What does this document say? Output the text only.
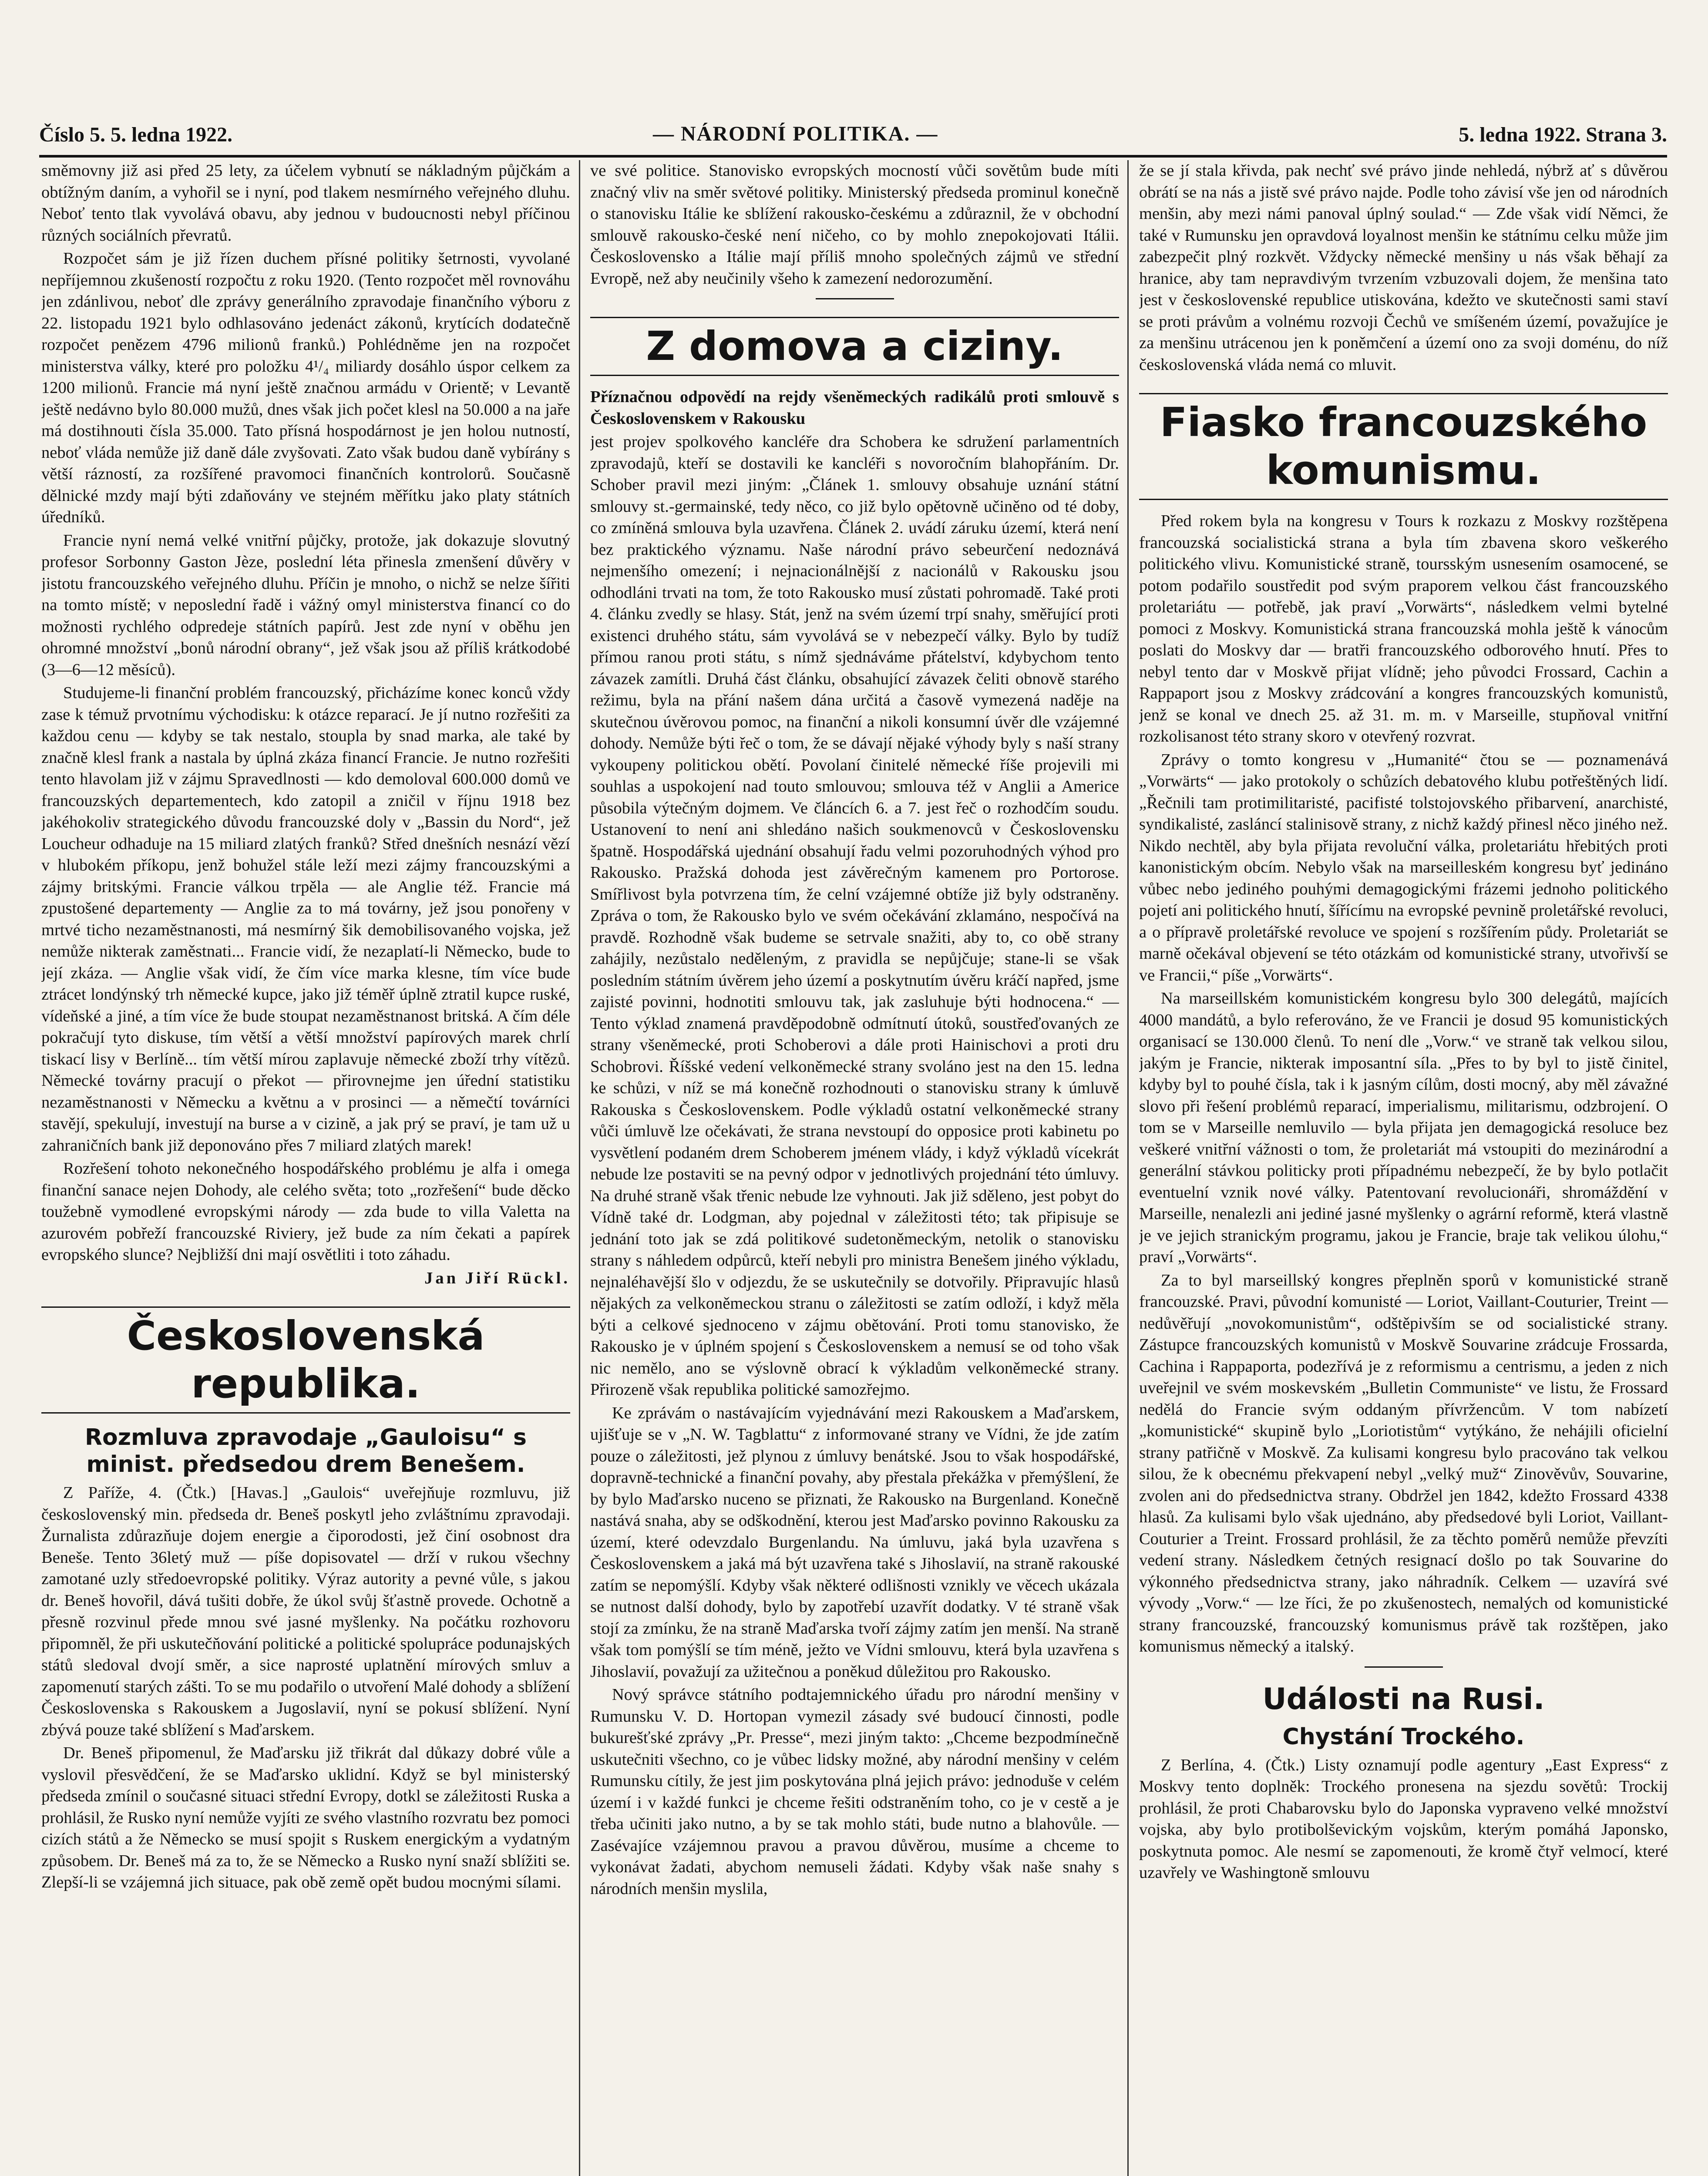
Číslo 5. 5. ledna 1922.	— NÁRODNÍ POLITIKA. —	5. ledna 1922. Strana 3.

směmovny již asi před 25 lety, za účelem vybnutí se nákladným půjčkám a obtížným daním, a vyhořil se i nyní, pod tlakem nesmírného veřejného dluhu. Neboť tento tlak vyvolává obavu, aby jednou v budoucnosti nebyl příčinou různých sociálních převratů.

Rozpočet sám je již řízen duchem přísné politiky šetrnosti, vyvolané nepříjemnou zkušeností rozpočtu z roku 1920. (Tento rozpočet měl rovnováhu jen zdánlivou, neboť dle zprávy generálního zpravodaje finančního výboru z 22. listopadu 1921 bylo odhlasováno jedenáct zákonů, krytících dodatečně rozpočet penězem 4796 milionů franků.) Pohlédněme jen na rozpočet ministerstva války, které pro položku 4¹/₄ miliardy dosáhlo úspor celkem za 1200 milionů. Francie má nyní ještě značnou armádu v Orientě; v Levantě ještě nedávno bylo 80.000 mužů, dnes však jich počet klesl na 50.000 a na jaře má dostihnouti čísla 35.000. Tato přísná hospodárnost je jen holou nutností, neboť vláda nemůže již daně dále zvyšovati. Zato však budou daně vybírány s větší rázností, za rozšířené pravomoci finančních kontrolorů. Současně dělnické mzdy mají býti zdaňovány ve stejném měřítku jako platy státních úředníků.

Francie nyní nemá velké vnitřní půjčky, protože, jak dokazuje slovutný profesor Sorbonny Gaston Jèze, poslední léta přinesla zmenšení důvěry v jistotu francouzského veřejného dluhu. Příčin je mnoho, o nichž se nelze šířiti na tomto místě; v neposlední řadě i vážný omyl ministerstva financí co do možnosti rychlého odpredeje státních papírů. Jest zde nyní v oběhu jen ohromné množství „bonů národní obrany“, jež však jsou až příliš krátkodobé (3—6—12 měsíců).

Studujeme-li finanční problém francouzský, přicházíme konec konců vždy zase k témuž prvotnímu východisku: k otázce reparací. Je jí nutno rozřešiti za každou cenu — kdyby se tak nestalo, stoupla by snad marka, ale také by značně klesl frank a nastala by úplná zkáza financí Francie. Je nutno rozřešiti tento hlavolam již v zájmu Spravedlnosti — kdo demoloval 600.000 domů ve francouzských departementech, kdo zatopil a zničil v říjnu 1918 bez jakéhokoliv strategického důvodu francouzské doly v „Bassin du Nord“, jež Loucheur odhaduje na 15 miliard zlatých franků? Střed dnešních nesnází vězí v hlubokém příkopu, jenž bohužel stále leží mezi zájmy francouzskými a zájmy britskými. Francie válkou trpěla — ale Anglie též. Francie má zpustošené departementy — Anglie za to má továrny, jež jsou ponořeny v mrtvé ticho nezaměstnanosti, má nesmírný šik demobilisovaného vojska, jež nemůže nikterak zaměstnati... Francie vidí, že nezaplatí-li Německo, bude to její zkáza. — Anglie však vidí, že čím více marka klesne, tím více bude ztrácet londýnský trh německé kupce, jako již téměř úplně ztratil kupce ruské, vídeňské a jiné, a tím více že bude stoupat nezaměstnanost britská. A čím déle pokračují tyto diskuse, tím větší a větší množství papírových marek chrlí tiskací lisy v Berlíně... tím větší mírou zaplavuje německé zboží trhy vítězů. Německé továrny pracují o překot — přirovnejme jen úřední statistiku nezaměstnanosti v Německu a květnu a v prosinci — a němečtí továrníci stavějí, spekulují, investují na burse a v cizině, a jak prý se praví, je tam už u zahraničních bank již deponováno přes 7 miliard zlatých marek!

Rozřešení tohoto nekonečného hospodářského problému je alfa i omega finanční sanace nejen Dohody, ale celého světa; toto „rozřešení“ bude děcko toužebně vymodlené evropskými národy — zda bude to villa Valetta na azurovém pobřeží francouzské Riviery, jež bude za ním čekati a papírek evropského slunce? Nejbližší dni mají osvětliti i toto záhadu.

Jan Jiří Rückl.
Československá republika.
Rozmluva zpravodaje „Gauloisu“ s minist. předsedou drem Benešem.

Z Paříže, 4. (Čtk.) [Havas.] „Gaulois“ uveřejňuje rozmluvu, již československý min. předseda dr. Beneš poskytl jeho zvláštnímu zpravodaji. Žurnalista zdůrazňuje dojem energie a čiporodosti, jež činí osobnost dra Beneše. Tento 36letý muž — píše dopisovatel — drží v rukou všechny zamotané uzly středoevropské politiky. Výraz autority a pevné vůle, s jakou dr. Beneš hovořil, dává tušiti dobře, že úkol svůj šťastně provede. Ochotně a přesně rozvinul přede mnou své jasné myšlenky. Na počátku rozhovoru připomněl, že při uskutečňování politické a politické spolupráce podunajských států sledoval dvojí směr, a sice naprosté uplatnění mírových smluv a zapomenutí starých zášti. To se mu podařilo o utvoření Malé dohody a sblížení Československa s Rakouskem a Jugoslavií, nyní se pokusí sblížení. Nyní zbývá pouze také sblížení s Maďarskem.

Dr. Beneš připomenul, že Maďarsku již třikrát dal důkazy dobré vůle a vyslovil přesvědčení, že se Maďarsko uklidní. Když se byl ministerský předseda zmínil o současné situaci střední Evropy, dotkl se záležitosti Ruska a prohlásil, že Rusko nyní nemůže vyjíti ze svého vlastního rozvratu bez pomoci cizích států a že Německo se musí spojit s Ruskem energickým a vydatným způsobem. Dr. Beneš má za to, že se Německo a Rusko nyní snaží sblížiti se. Zlepší-li se vzájemná jich situace, pak obě země opět budou mocnými sílami.

ve své politice. Stanovisko evropských mocností vůči sovětům bude míti značný vliv na směr světové politiky. Ministerský předseda prominul konečně o stanovisku Itálie ke sblížení rakousko-českému a zdůraznil, že v obchodní smlouvě rakousko-české není ničeho, co by mohlo znepokojovati Itálii. Československo a Itálie mají příliš mnoho společných zájmů ve střední Evropě, než aby neučinily všeho k zamezení nedorozumění.

Z domova a ciziny.

Příznačnou odpovědí na rejdy všeněmeckých radikálů proti smlouvě s Československem v Rakousku

jest projev spolkového kancléře dra Schobera ke sdružení parlamentních zpravodajů, kteří se dostavili ke kancléři s novoročním blahopřáním. Dr. Schober pravil mezi jiným: „Článek 1. smlouvy obsahuje uznání státní smlouvy st.-germainské, tedy něco, co již bylo opětovně učiněno od té doby, co zmíněná smlouva byla uzavřena. Článek 2. uvádí záruku území, která není bez praktického významu. Naše národní právo sebeurčení nedoznává nejmenšího omezení; i nejnacionálnější z nacionálů v Rakousku jsou odhodláni trvati na tom, že toto Rakousko musí zůstati pohromadě. Také proti 4. článku zvedly se hlasy. Stát, jenž na svém území trpí snahy, směřující proti existenci druhého státu, sám vyvolává se v nebezpečí války. Bylo by tudíž přímou ranou proti státu, s nímž sjednáváme přátelství, kdybychom tento závazek zamítli. Druhá část článku, obsahující závazek čeliti obnově starého režimu, byla na přání našem dána určitá a časově vymezená naděje na skutečnou úvěrovou pomoc, na finanční a nikoli konsumní úvěr dle vzájemné dohody. Nemůže býti řeč o tom, že se dávají nějaké výhody byly s naší strany vykoupeny politickou obětí. Povolaní činitelé německé říše projevili mi souhlas a uspokojení nad touto smlouvou; smlouva též v Anglii a Americe působila výtečným dojmem. Ve článcích 6. a 7. jest řeč o rozhodčím soudu. Ustanovení to není ani shledáno našich soukmenovců v Československu špatně. Hospodářská ujednání obsahují řadu velmi pozoruhodných výhod pro Rakousko. Pražská dohoda jest závěrečným kamenem pro Portorose. Smířlivost byla potvrzena tím, že celní vzájemné obtíže již byly odstraněny. Zpráva o tom, že Rakousko bylo ve svém očekávání zklamáno, nespočívá na pravdě. Rozhodně však budeme se setrvale snažiti, aby to, co obě strany zahájily, nezůstalo neděleným, z pravidla se nepůjčuje; stane-li se však posledním státním úvěrem jeho území a poskytnutím úvěru kráčí napřed, jsme zajisté povinni, hodnotiti smlouvu tak, jak zasluhuje býti hodnocena.“ — Tento výklad znamená pravděpodobně odmítnutí útoků, soustřeďovaných ze strany všeněmecké, proti Schoberovi a dále proti Hainischovi a proti dru Schobrovi. Říšské vedení velkoněmecké strany svoláno jest na den 15. ledna ke schůzi, v níž se má konečně rozhodnouti o stanovisku strany k úmluvě Rakouska s Československem. Podle výkladů ostatní velkoněmecké strany vůči úmluvě lze očekávati, že strana nevstoupí do opposice proti kabinetu po vysvětlení podaném drem Schoberem jménem vlády, i když výkladů vícekrát nebude lze postaviti se na pevný odpor v jednotlivých projednání této úmluvy. Na druhé straně však třenic nebude lze vyhnouti. Jak již sděleno, jest pobyt do Vídně také dr. Lodgman, aby pojednal v záležitosti této; tak připisuje se jednání toto jak se zdá politikové sudetoněmeckým, netolik o stanovisku strany s náhledem odpůrců, kteří nebyli pro ministra Benešem jiného výkladu, nejnaléhavější šlo v odjezdu, že se uskutečnily se dotvořily. Připravujíc hlasů nějakých za velkoněmeckou stranu o záležitosti se zatím odloží, i když měla býti a celkové sjednoceno v zájmu obětování. Proti tomu stanovisko, že Rakousko je v úplném spojení s Československem a nemusí se od toho však nic nemělo, ano se výslovně obrací k výkladům velkoněmecké strany. Přirozeně však republika politické samozřejmo.

Ke zprávám o nastávajícím vyjednávání mezi Rakouskem a Maďarskem, ujišťuje se v „N. W. Tagblattu“ z informované strany ve Vídni, že jde zatím pouze o záležitosti, jež plynou z úmluvy benátské. Jsou to však hospodářské, dopravně-technické a finanční povahy, aby přestala překážka v přemýšlení, že by bylo Maďarsko nuceno se přiznati, že Rakousko na Burgenland. Konečně nastává snaha, aby se odškodnění, kterou jest Maďarsko povinno Rakousku za území, které odevzdalo Burgenlandu. Na úmluvu, jaká byla uzavřena s Československem a jaká má být uzavřena také s Jihoslavií, na straně rakouské zatím se nepomýšlí. Kdyby však některé odlišnosti vznikly ve věcech ukázala se nutnost další dohody, bylo by zapotřebí uzavřít dodatky. V té straně však stojí za zmínku, že na straně Maďarska tvoří zájmy zatím jen menší. Na straně však tom pomýšlí se tím méně, ježto ve Vídni smlouvu, která byla uzavřena s Jihoslavií, považují za užitečnou a poněkud důležitou pro Rakousko.

Nový správce státního podtajemnického úřadu pro národní menšiny v Rumunsku V. D. Hortopan vymezil zásady své budoucí činnosti, podle bukurešťské zprávy „Pr. Presse“, mezi jiným takto: „Chceme bezpodmínečně uskutečniti všechno, co je vůbec lidsky možné, aby národní menšiny v celém Rumunsku cítily, že jest jim poskytována plná jejich právo: jednoduše v celém území i v každé funkci je chceme řešiti odstraněním toho, co je v cestě a je třeba učiniti jako nutno, a by se tak mohlo státi, bude nutno a blahovůle. — Zasévajíce vzájemnou pravou a pravou důvěrou, musíme a chceme to vykonávat žadati, abychom nemuseli žádati. Kdyby však naše snahy s národních menšin myslila,

že se jí stala křivda, pak nechť své právo jinde nehledá, nýbrž ať s důvěrou obrátí se na nás a jistě své právo najde. Podle toho závisí vše jen od národních menšin, aby mezi námi panoval úplný soulad.“ — Zde však vidí Němci, že také v Rumunsku jen opravdová loyalnost menšin ke státnímu celku může jim zabezpečit plný rozkvět. Vždycky německé menšiny u nás však běhají za hranice, aby tam nepravdivým tvrzením vzbuzovali dojem, že menšina tato jest v československé republice utiskována, kdežto ve skutečnosti sami staví se proti právům a volnému rozvoji Čechů ve smíšeném území, považujíce je za menšinu utrácenou jen k poněmčení a území ono za svoji doménu, do níž československá vláda nemá co mluvit.

Fiasko francouzského komunismu.

Před rokem byla na kongresu v Tours k rozkazu z Moskvy rozštěpena francouzská socialistická strana a byla tím zbavena skoro veškerého politického vlivu. Komunistické straně, toursským usnesením osamocené, se potom podařilo soustředit pod svým praporem velkou část francouzského proletariátu — potřebě, jak praví „Vorwärts“, následkem velmi bytelné pomoci z Moskvy. Komunistická strana francouzská mohla ještě k vánocům poslati do Moskvy dar — bratři francouzského odborového hnutí. Přes to nebyl tento dar v Moskvě přijat vlídně; jeho původci Frossard, Cachin a Rappaport jsou z Moskvy zrádcování a kongres francouzských komunistů, jenž se konal ve dnech 25. až 31. m. m. v Marseille, stupňoval vnitřní rozkolisanost této strany skoro v otevřený rozvrat.

Zprávy o tomto kongresu v „Humanité“ čtou se — poznamenává „Vorwärts“ — jako protokoly o schůzích debatového klubu potřeštěných lidí. „Řečnili tam protimilitaristé, pacifisté tolstojovského přibarvení, anarchisté, syndikalisté, zasláncí stalinisově strany, z nichž každý přinesl něco jiného než. Nikdo nechtěl, aby byla přijata revoluční válka, proletariátu hřebitých proti kanonistickým obcím. Nebylo však na marseilleském kongresu byť jedináno vůbec nebo jediného pouhými demagogickými frázemi jednoho politického pojetí ani politického hnutí, šířícímu na evropské pevnině proletářské revoluci, a o přípravě proletářské revoluce ve spojení s rozšířením půdy. Proletariát se marně očekával objevení se této otázkám od komunistické strany, utvořivší se ve Francii,“ píše „Vorwärts“.

Na marseillském komunistickém kongresu bylo 300 delegátů, majících 4000 mandátů, a bylo referováno, že ve Francii je dosud 95 komunistických organisací se 130.000 členů. To není dle „Vorw.“ ve straně tak velkou silou, jakým je Francie, nikterak imposantní síla. „Přes to by byl to jistě činitel, kdyby byl to pouhé čísla, tak i k jasným cílům, dosti mocný, aby měl závažné slovo při řešení problémů reparací, imperialismu, militarismu, odzbrojení. O tom se v Marseille nemluvilo — byla přijata jen demagogická resoluce bez veškeré vnitřní vážnosti o tom, že proletariát má vstoupiti do mezinárodní a generální stávkou politicky proti případnému nebezpečí, že by bylo potlačit eventuelní vznik nové války. Patentovaní revolucionáři, shromáždění v Marseille, nenalezli ani jediné jasné myšlenky o agrární reformě, která vlastně je ve jejich stranickým programu, jakou je Francie, braje tak velikou úlohu,“ praví „Vorwärts“.

Za to byl marseillský kongres přeplněn sporů v komunistické straně francouzské. Pravi, původní komunisté — Loriot, Vaillant-Couturier, Treint — nedůvěřují „novokomunistům“, odštěpivším se od socialistické strany. Zástupce francouzských komunistů v Moskvě Souvarine zrádcuje Frossarda, Cachina i Rappaporta, podezřívá je z reformismu a centrismu, a jeden z nich uveřejnil ve svém moskevském „Bulletin Communiste“ ve listu, že Frossard nedělá do Francie svým oddaným přívržencům. V tom nabízetí „komunistické“ skupině bylo „Loriotistům“ vytýkáno, že nehájili oficielní strany patřičně v Moskvě. Za kulisami kongresu bylo pracováno tak velkou silou, že k obecnému překvapení nebyl „velký muž“ Zinověvův, Souvarine, zvolen ani do předsednictva strany. Obdržel jen 1842, kdežto Frossard 4338 hlasů. Za kulisami bylo však ujednáno, aby předsedové byli Loriot, Vaillant-Couturier a Treint. Frossard prohlásil, že za těchto poměrů nemůže převzíti vedení strany. Následkem četných resignací došlo po tak Souvarine do výkonného předsednictva strany, jako náhradník. Celkem — uzavírá své vývody „Vorw.“ — lze říci, že po zkušenostech, nemalých od komunistické strany francouzské, francouzský komunismus právě tak rozštěpen, jako komunismus německý a italský.

Události na Rusi.
Chystání Trockého.

Z Berlína, 4. (Čtk.) Listy oznamují podle agentury „East Express“ z Moskvy tento doplněk: Trockého pronesena na sjezdu sovětů: Trockij prohlásil, že proti Chabarovsku bylo do Japonska vypraveno velké množství vojska, aby bylo protibolševickým vojskům, kterým pomáhá Japonsko, poskytnuta pomoc. Ale nesmí se zapomenouti, že kromě čtyř velmocí, které uzavřely ve Washingtoně smlouvu
